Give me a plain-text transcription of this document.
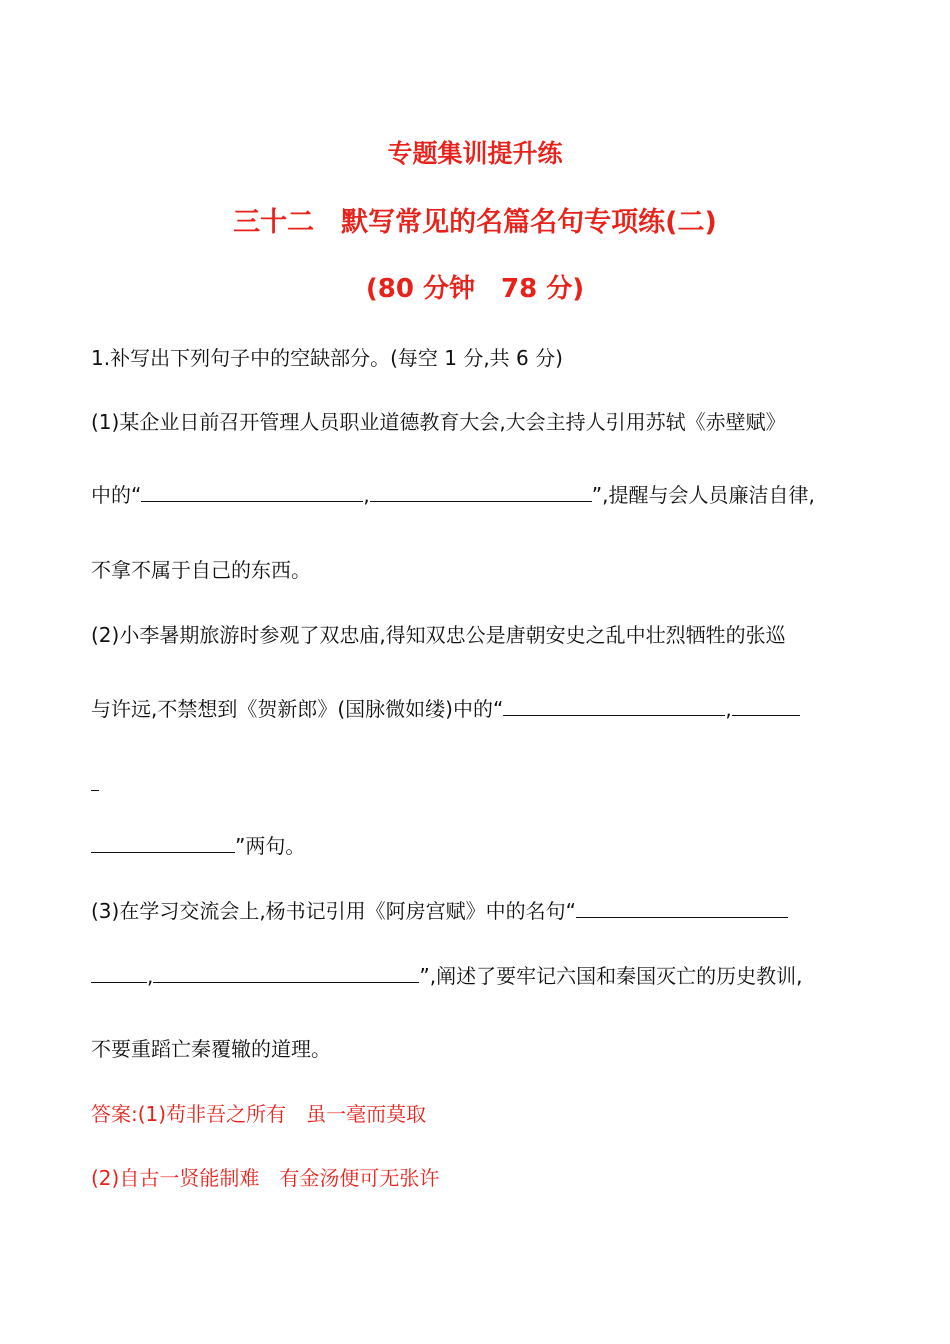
专题集训提升练
三十二　默写常见的名篇名句专项练(二)
(80 分钟　78 分)
1.补写出下列句子中的空缺部分。(每空 1 分,共 6 分)
(1)某企业日前召开管理人员职业道德教育大会,大会主持人引用苏轼《赤壁赋》
中的“	,	”,提醒与会人员廉洁自律,
不拿不属于自己的东西。
(2)小李暑期旅游时参观了双忠庙,得知双忠公是唐朝安史之乱中壮烈牺牲的张巡
与许远,不禁想到《贺新郎》(国脉微如缕)中的“	,
”两句。
(3)在学习交流会上,杨书记引用《阿房宫赋》中的名句“
,	”,阐述了要牢记六国和秦国灭亡的历史教训,
不要重蹈亡秦覆辙的道理。
答案:(1)苟非吾之所有　虽一毫而莫取
(2)自古一贤能制难　有金汤便可无张许
